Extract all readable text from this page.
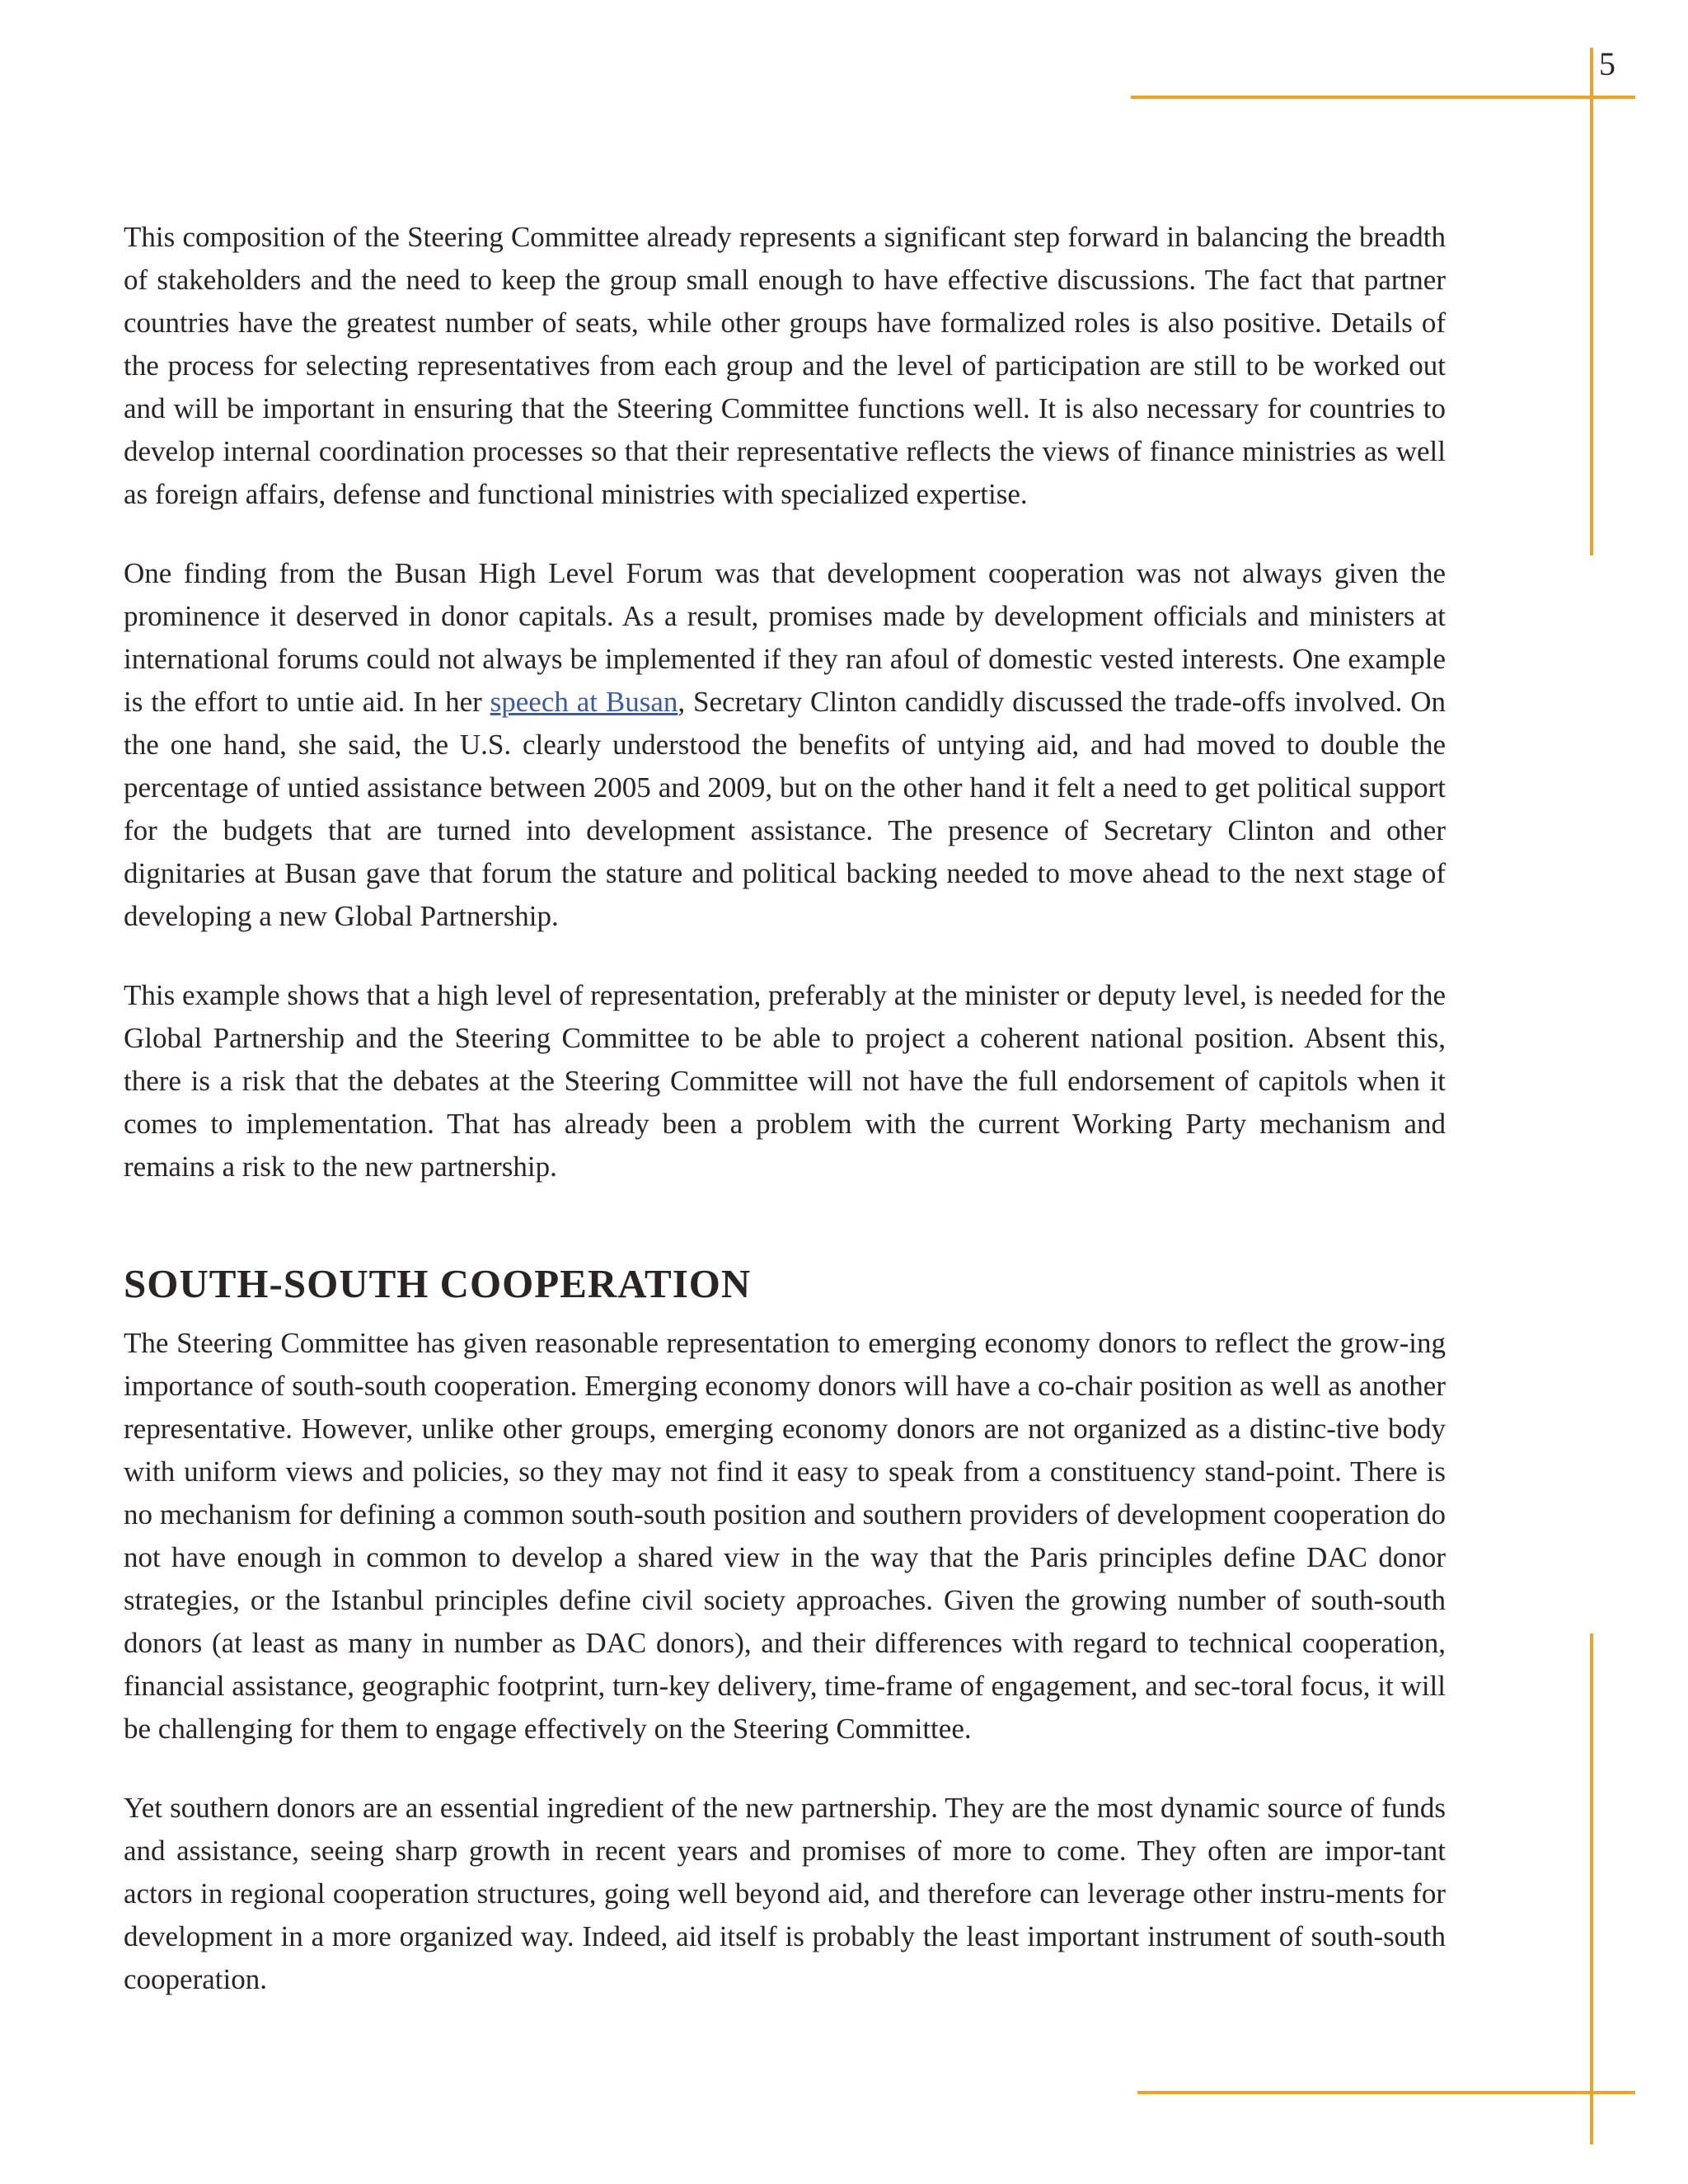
5

This composition of the Steering Committee already represents a significant step forward in balancing the breadth of stakeholders and the need to keep the group small enough to have effective discussions. The fact that partner countries have the greatest number of seats, while other groups have formalized roles is also positive. Details of the process for selecting representatives from each group and the level of participation are still to be worked out and will be important in ensuring that the Steering Committee functions well. It is also necessary for countries to develop internal coordination processes so that their representative reflects the views of finance ministries as well as foreign affairs, defense and functional ministries with specialized expertise.

One finding from the Busan High Level Forum was that development cooperation was not always given the prominence it deserved in donor capitals. As a result, promises made by development officials and ministers at international forums could not always be implemented if they ran afoul of domestic vested interests. One example is the effort to untie aid. In her speech at Busan, Secretary Clinton candidly discussed the trade-offs involved. On the one hand, she said, the U.S. clearly understood the benefits of untying aid, and had moved to double the percentage of untied assistance between 2005 and 2009, but on the other hand it felt a need to get political support for the budgets that are turned into development assistance. The presence of Secretary Clinton and other dignitaries at Busan gave that forum the stature and political backing needed to move ahead to the next stage of developing a new Global Partnership.

This example shows that a high level of representation, preferably at the minister or deputy level, is needed for the Global Partnership and the Steering Committee to be able to project a coherent national position. Absent this, there is a risk that the debates at the Steering Committee will not have the full endorsement of capitols when it comes to implementation. That has already been a problem with the current Working Party mechanism and remains a risk to the new partnership.

SOUTH-SOUTH COOPERATION

The Steering Committee has given reasonable representation to emerging economy donors to reflect the grow-ing importance of south-south cooperation. Emerging economy donors will have a co-chair position as well as another representative. However, unlike other groups, emerging economy donors are not organized as a distinc-tive body with uniform views and policies, so they may not find it easy to speak from a constituency stand-point. There is no mechanism for defining a common south-south position and southern providers of development cooperation do not have enough in common to develop a shared view in the way that the Paris principles define DAC donor strategies, or the Istanbul principles define civil society approaches. Given the growing number of south-south donors (at least as many in number as DAC donors), and their differences with regard to technical cooperation, financial assistance, geographic footprint, turn-key delivery, time-frame of engagement, and sec-toral focus, it will be challenging for them to engage effectively on the Steering Committee.

Yet southern donors are an essential ingredient of the new partnership. They are the most dynamic source of funds and assistance, seeing sharp growth in recent years and promises of more to come. They often are impor-tant actors in regional cooperation structures, going well beyond aid, and therefore can leverage other instru-ments for development in a more organized way. Indeed, aid itself is probably the least important instrument of south-south cooperation.
